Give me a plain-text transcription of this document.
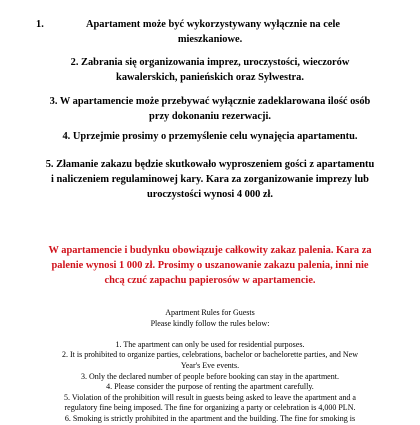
1.	Apartament może być wykorzystywany wyłącznie na cele
mieszkaniowe.

2. Zabrania się organizowania imprez, uroczystości, wieczorów
kawalerskich, panieńskich oraz Sylwestra.

3. W apartamencie może przebywać wyłącznie zadeklarowana ilość osób
przy dokonaniu rezerwacji.

4. Uprzejmie prosimy o przemyślenie celu wynajęcia apartamentu.

5. Złamanie zakazu będzie skutkowało wyproszeniem gości z apartamentu
i naliczeniem regulaminowej kary. Kara za zorganizowanie imprezy lub
uroczystości wynosi 4 000 zł.

W apartamencie i budynku obowiązuje całkowity zakaz palenia. Kara za
palenie wynosi 1 000 zł. Prosimy o uszanowanie zakazu palenia, inni nie
chcą czuć zapachu papierosów w apartamencie.

Apartment Rules for Guests
Please kindly follow the rules below:
1. The apartment can only be used for residential purposes.
2. It is prohibited to organize parties, celebrations, bachelor or bachelorette parties, and New
Year's Eve events.
3. Only the declared number of people before booking can stay in the apartment.
4. Please consider the purpose of renting the apartment carefully.
5. Violation of the prohibition will result in guests being asked to leave the apartment and a
regulatory fine being imposed. The fine for organizing a party or celebration is 4,000 PLN.
6. Smoking is strictly prohibited in the apartment and the building. The fine for smoking is
